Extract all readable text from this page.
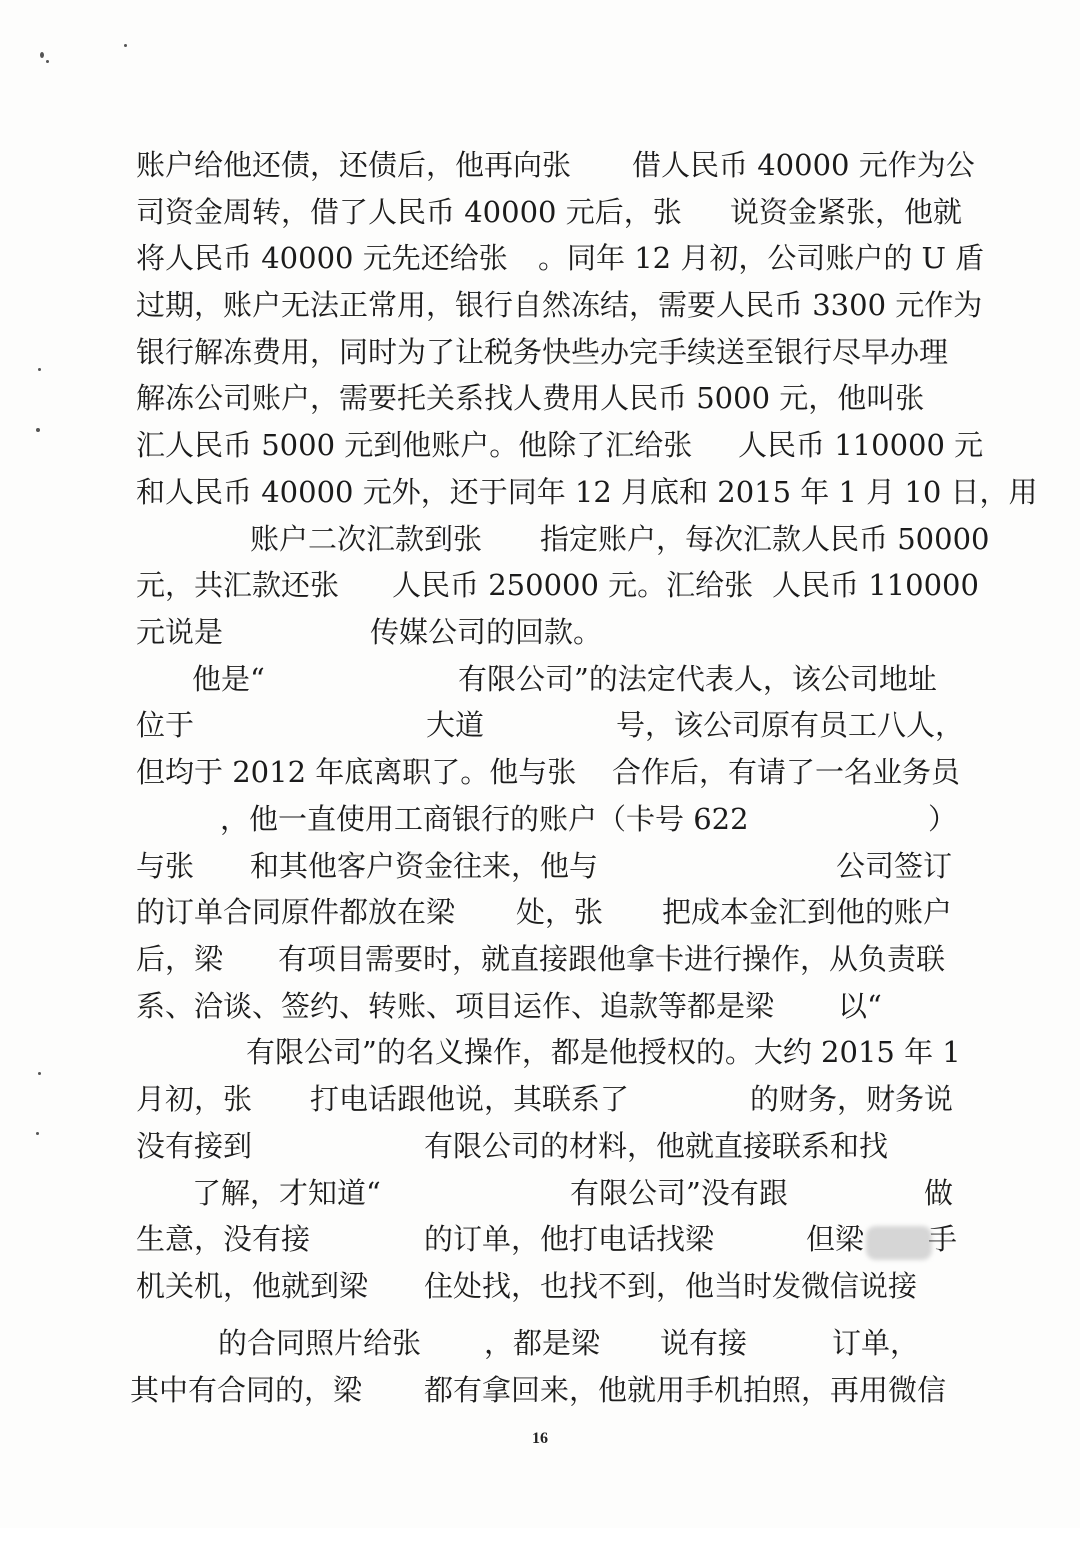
账户给他还债，还债后，他再向张

借人民币 40000 元作为公

司资金周转，借了人民币 40000 元后，张

说资金紧张，他就

将人民币 40000 元先还给张

。同年 12 月初，公司账户的 U 盾

过期，账户无法正常用，银行自然冻结，需要人民币 3300 元作为

银行解冻费用，同时为了让税务快些办完手续送至银行尽早办理

解冻公司账户，需要托关系找人费用人民币 5000 元，他叫张

汇人民币 5000 元到他账户。他除了汇给张

人民币 110000 元

和人民币 40000 元外，还于同年 12 月底和 2015 年 1 月 10 日，用

账户二次汇款到张

指定账户，每次汇款人民币 50000

元，共汇款还张

人民币 250000 元。汇给张

人民币 110000

元说是

	传媒公司的回款。

他是“

	有限公司”的法定代表人，该公司地址

位于

	大道

	号，该公司原有员工八人，

但均于 2012 年底离职了。他与张

合作后，有请了一名业务员

，他一直使用工商银行的账户（卡号 622

	）

与张

和其他客户资金往来，他与

	公司签订

的订单合同原件都放在梁

处，张

把成本金汇到他的账户

后，梁

有项目需要时，就直接跟他拿卡进行操作，从负责联

系、洽谈、签约、转账、项目运作、追款等都是梁

以“

有限公司”的名义操作，都是他授权的。大约 2015 年 1

月初，张

打电话跟他说，其联系了

	的财务，财务说

没有接到

	有限公司的材料，他就直接联系和找

了解，才知道“

	有限公司”没有跟

	做

生意，没有接

	的订单，他打电话找梁

	但梁

手

机关机，他就到梁

住处找，也找不到，他当时发微信说接

的合同照片给张

，都是梁

说有接

	订单，

其中有合同的，梁

都有拿回来，他就用手机拍照，再用微信

16
